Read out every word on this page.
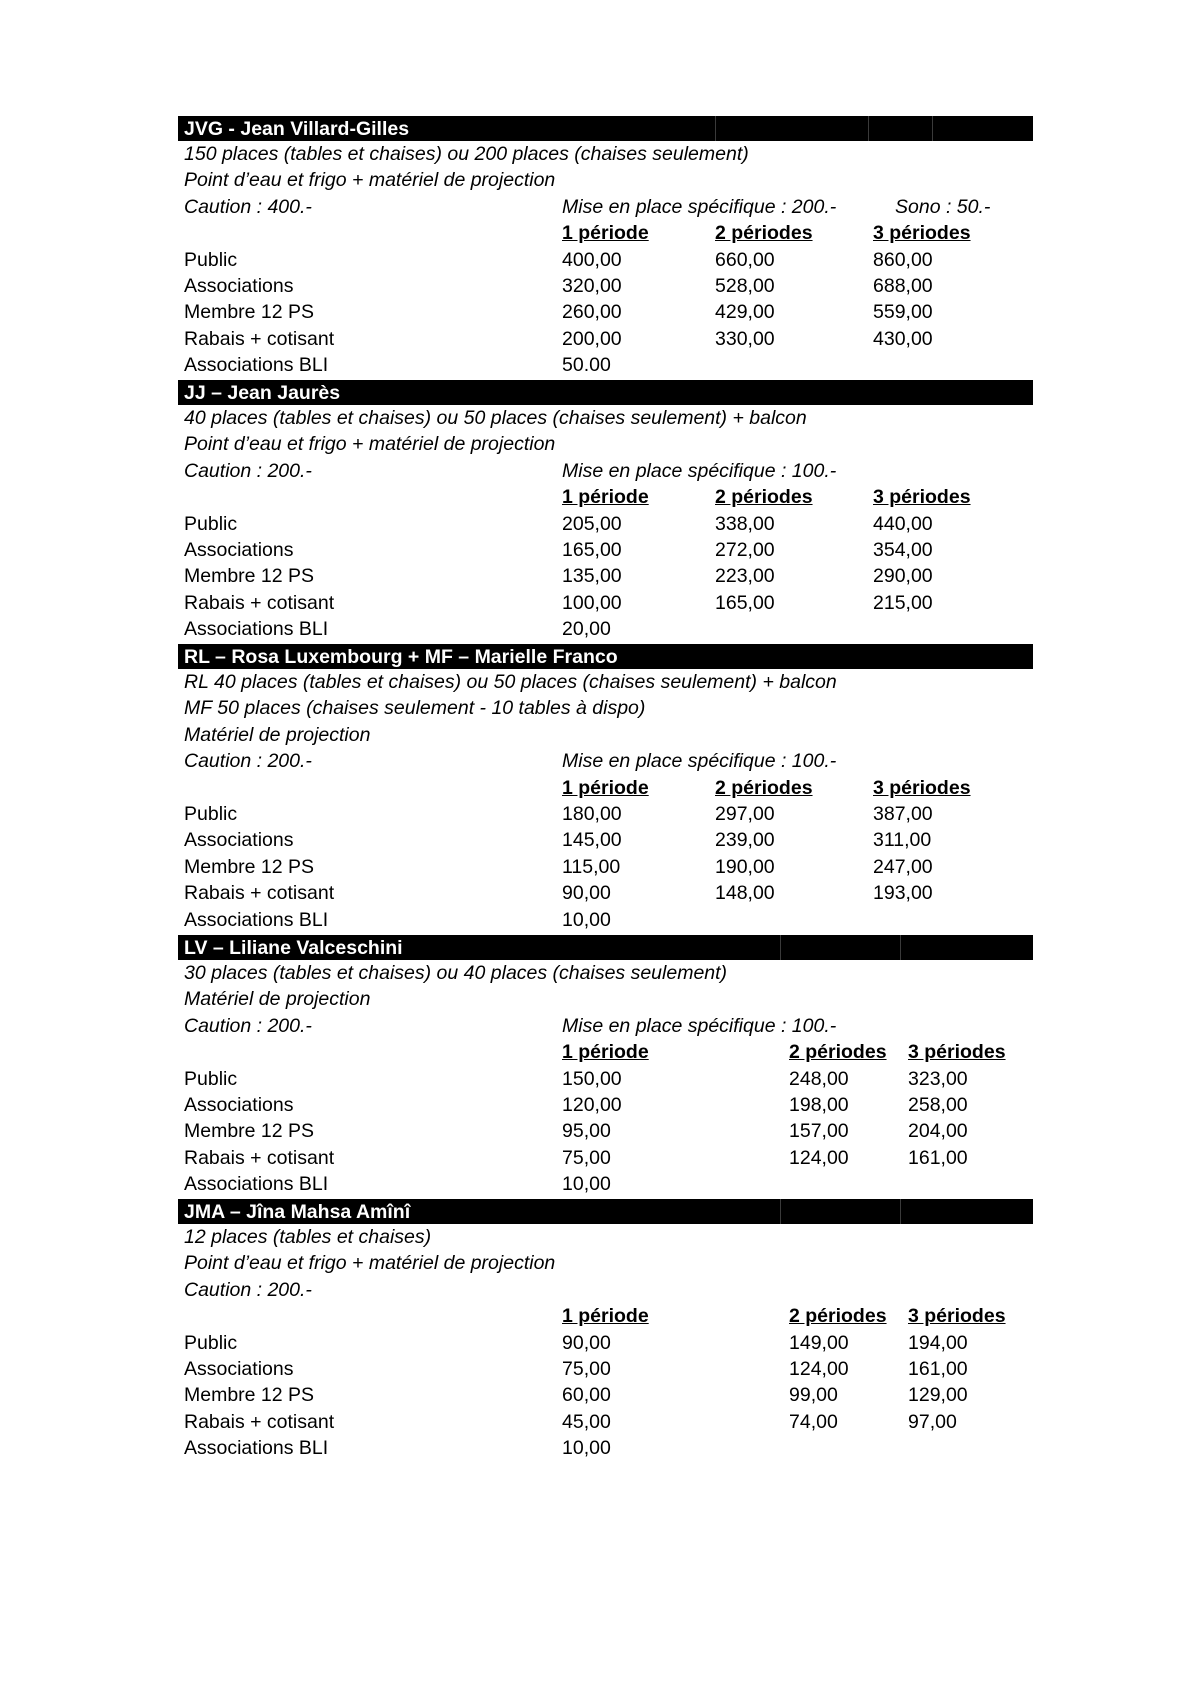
JVG - Jean Villard-Gilles
150 places (tables et chaises) ou 200 places (chaises seulement)
Point d’eau et frigo + matériel de projection
Caution : 400.-	Mise en place spécifique : 200.-	Sono : 50.-
1 période	2 périodes	3 périodes
Public	400,00	660,00	860,00
Associations	320,00	528,00	688,00
Membre 12 PS	260,00	429,00	559,00
Rabais + cotisant	200,00	330,00	430,00
Associations BLI	50.00
JJ – Jean Jaurès
40 places (tables et chaises) ou 50 places (chaises seulement) + balcon
Point d’eau et frigo + matériel de projection
Caution : 200.-	Mise en place spécifique : 100.-
1 période	2 périodes	3 périodes
Public	205,00	338,00	440,00
Associations	165,00	272,00	354,00
Membre 12 PS	135,00	223,00	290,00
Rabais + cotisant	100,00	165,00	215,00
Associations BLI	20,00
RL – Rosa Luxembourg + MF – Marielle Franco
RL 40 places (tables et chaises) ou 50 places (chaises seulement) + balcon
MF 50 places (chaises seulement - 10 tables à dispo)
Matériel de projection
Caution : 200.-	Mise en place spécifique : 100.-
1 période	2 périodes	3 périodes
Public	180,00	297,00	387,00
Associations	145,00	239,00	311,00
Membre 12 PS	115,00	190,00	247,00
Rabais + cotisant	90,00	148,00	193,00
Associations BLI	10,00
LV – Liliane Valceschini
30 places (tables et chaises) ou 40 places (chaises seulement)
Matériel de projection
Caution : 200.-	Mise en place spécifique : 100.-
1 période	2 périodes 3 périodes
Public	150,00	248,00	323,00
Associations	120,00	198,00	258,00
Membre 12 PS	95,00	157,00	204,00
Rabais + cotisant	75,00	124,00	161,00
Associations BLI	10,00
JMA – Jîna Mahsa Amînî
12 places (tables et chaises)
Point d’eau et frigo + matériel de projection
Caution : 200.-
1 période	2 périodes 3 périodes
Public	90,00	149,00	194,00
Associations	75,00	124,00	161,00
Membre 12 PS	60,00	99,00	129,00
Rabais + cotisant	45,00	74,00	97,00
Associations BLI	10,00
